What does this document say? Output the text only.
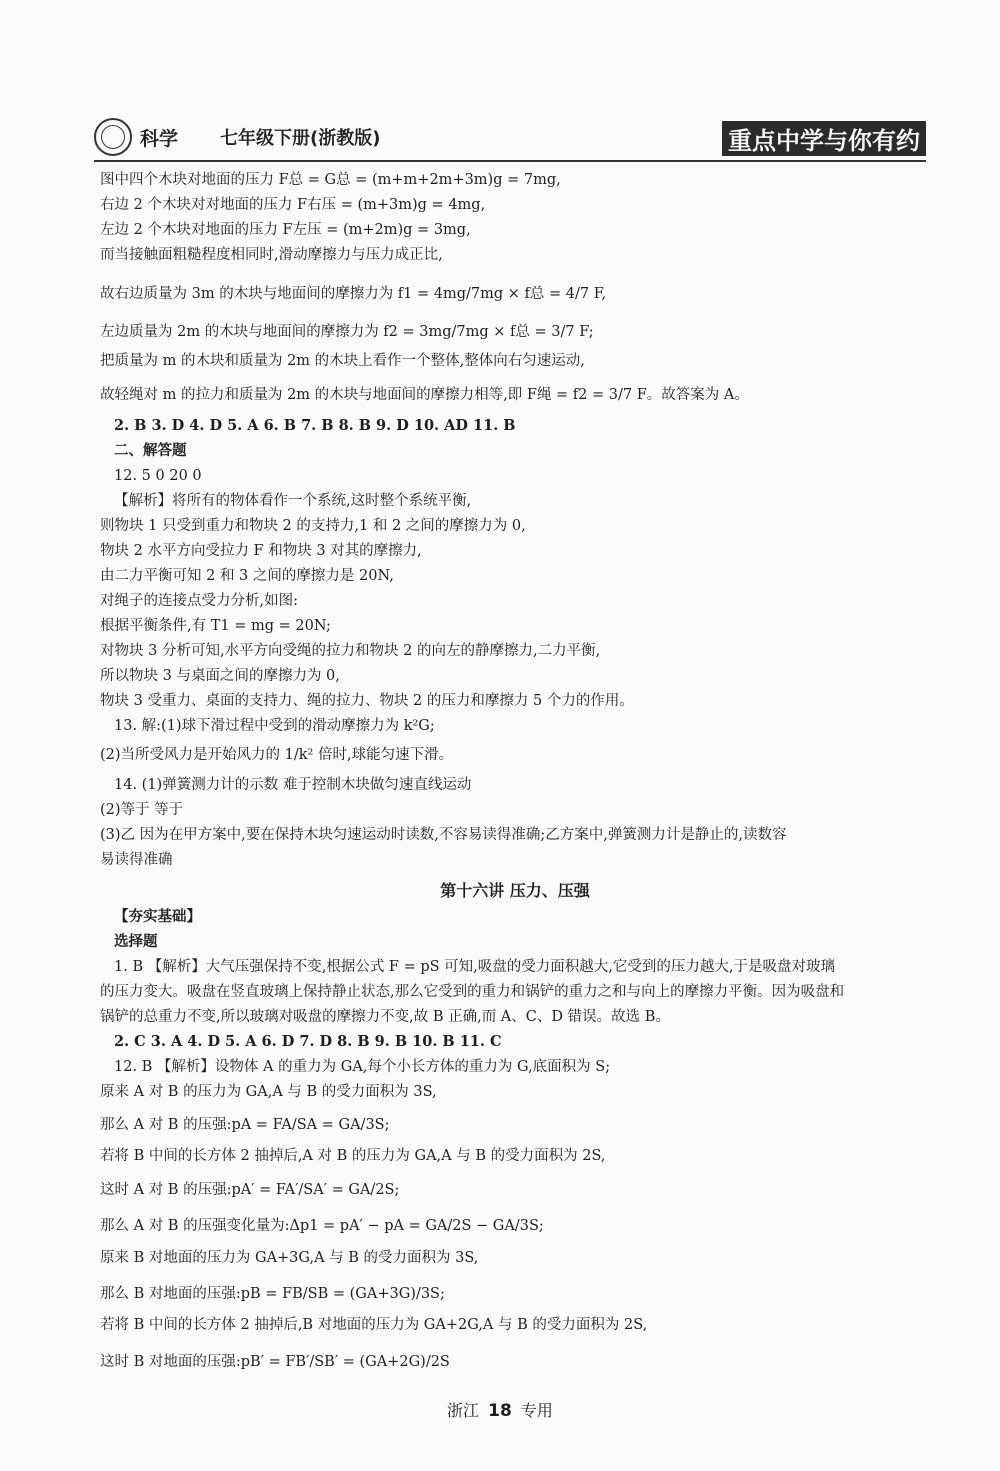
科学 七年级下册(浙教版)	重点中学与你有约
图中四个木块对地面的压力 F总 = G总 = (m+m+2m+3m)g = 7mg,
右边 2 个木块对对地面的压力 F右压 = (m+3m)g = 4mg,
左边 2 个木块对地面的压力 F左压 = (m+2m)g = 3mg,
而当接触面粗糙程度相同时,滑动摩擦力与压力成正比,
故右边质量为 3m 的木块与地面间的摩擦力为 f1 = 4mg/7mg × f总 = 4/7 F,
左边质量为 2m 的木块与地面间的摩擦力为 f2 = 3mg/7mg × f总 = 3/7 F;
把质量为 m 的木块和质量为 2m 的木块上看作一个整体,整体向右匀速运动,
故轻绳对 m 的拉力和质量为 2m 的木块与地面间的摩擦力相等,即 F绳 = f2 = 3/7 F。故答案为 A。
2. B 3. D 4. D 5. A 6. B 7. B 8. B 9. D 10. AD 11. B
二、解答题
12. 5 0 20 0
【解析】将所有的物体看作一个系统,这时整个系统平衡,
则物块 1 只受到重力和物块 2 的支持力,1 和 2 之间的摩擦力为 0,
物块 2 水平方向受拉力 F 和物块 3 对其的摩擦力,
由二力平衡可知 2 和 3 之间的摩擦力是 20N,
对绳子的连接点受力分析,如图:
根据平衡条件,有 T1 = mg = 20N;
对物块 3 分析可知,水平方向受绳的拉力和物块 2 的向左的静摩擦力,二力平衡,
所以物块 3 与桌面之间的摩擦力为 0,
物块 3 受重力、桌面的支持力、绳的拉力、物块 2 的压力和摩擦力 5 个力的作用。
13. 解:(1)球下滑过程中受到的滑动摩擦力为 k²G;
(2)当所受风力是开始风力的 1/k² 倍时,球能匀速下滑。
14. (1)弹簧测力计的示数 难于控制木块做匀速直线运动
(2)等于 等于
(3)乙 因为在甲方案中,要在保持木块匀速运动时读数,不容易读得准确;乙方案中,弹簧测力计是静止的,读数容
易读得准确
第十六讲 压力、压强
【夯实基础】
选择题
1. B 【解析】大气压强保持不变,根据公式 F = pS 可知,吸盘的受力面积越大,它受到的压力越大,于是吸盘对玻璃
的压力变大。吸盘在竖直玻璃上保持静止状态,那么它受到的重力和锅铲的重力之和与向上的摩擦力平衡。因为吸盘和
锅铲的总重力不变,所以玻璃对吸盘的摩擦力不变,故 B 正确,而 A、C、D 错误。故选 B。
2. C 3. A 4. D 5. A 6. D 7. D 8. B 9. B 10. B 11. C
12. B 【解析】设物体 A 的重力为 GA,每个小长方体的重力为 G,底面积为 S;
原来 A 对 B 的压力为 GA,A 与 B 的受力面积为 3S,
那么 A 对 B 的压强:pA = FA/SA = GA/3S;
若将 B 中间的长方体 2 抽掉后,A 对 B 的压力为 GA,A 与 B 的受力面积为 2S,
这时 A 对 B 的压强:pA′ = FA′/SA′ = GA/2S;
那么 A 对 B 的压强变化量为:Δp1 = pA′ − pA = GA/2S − GA/3S;
原来 B 对地面的压力为 GA+3G,A 与 B 的受力面积为 3S,
那么 B 对地面的压强:pB = FB/SB = (GA+3G)/3S;
若将 B 中间的长方体 2 抽掉后,B 对地面的压力为 GA+2G,A 与 B 的受力面积为 2S,
这时 B 对地面的压强:pB′ = FB′/SB′ = (GA+2G)/2S
浙江 18 专用
